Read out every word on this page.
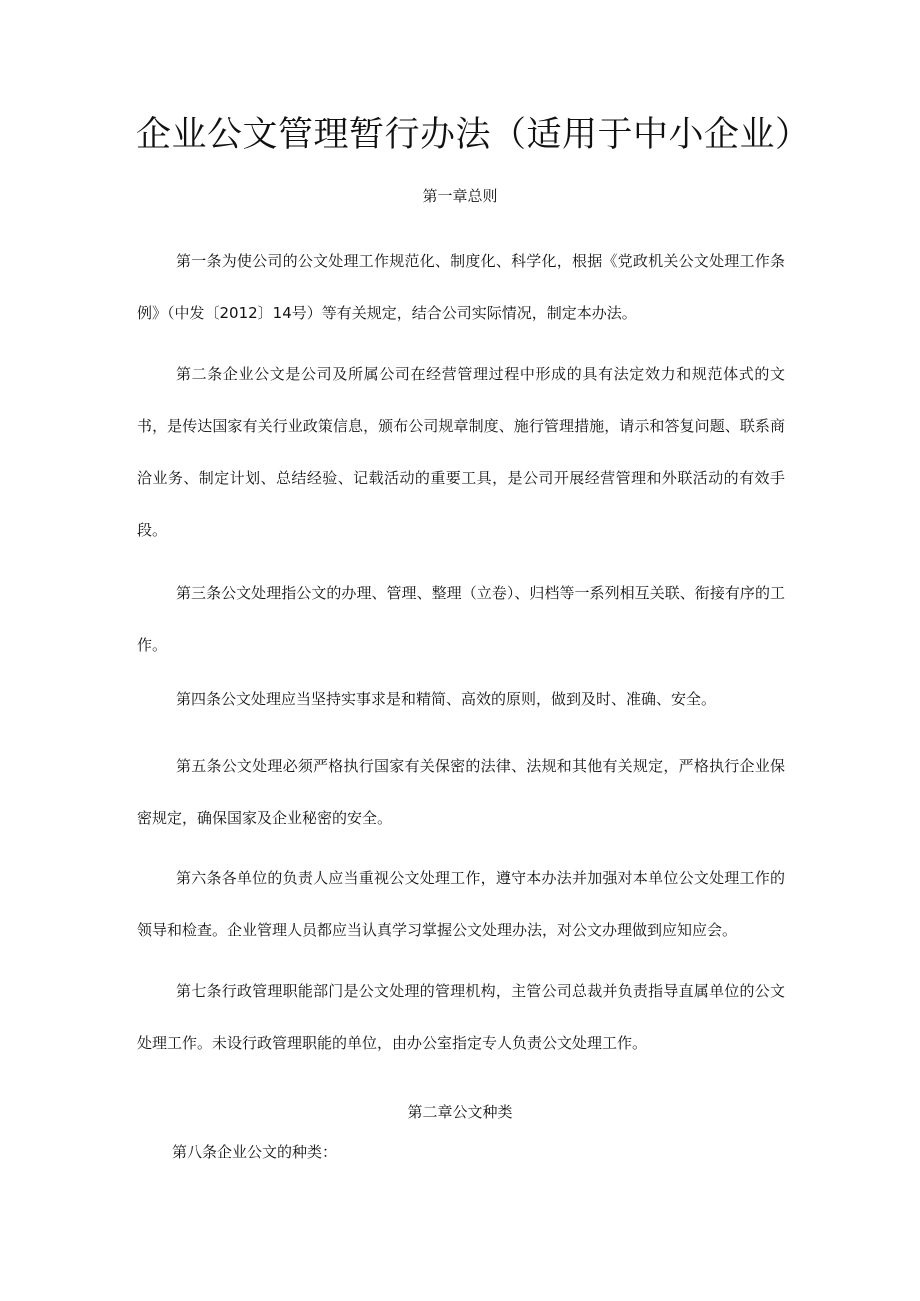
企业公文管理暂行办法（适用于中小企业）

第一章总则

第一条为使公司的公文处理工作规范化、制度化、科学化，根据《党政机关公文处理工作条例》（中发〔2012〕14号）等有关规定，结合公司实际情况，制定本办法。

第二条企业公文是公司及所属公司在经营管理过程中形成的具有法定效力和规范体式的文书，是传达国家有关行业政策信息，颁布公司规章制度、施行管理措施，请示和答复问题、联系商洽业务、制定计划、总结经验、记载活动的重要工具，是公司开展经营管理和外联活动的有效手段。

第三条公文处理指公文的办理、管理、整理（立卷）、归档等一系列相互关联、衔接有序的工作。

第四条公文处理应当坚持实事求是和精简、高效的原则，做到及时、准确、安全。

第五条公文处理必须严格执行国家有关保密的法律、法规和其他有关规定，严格执行企业保密规定，确保国家及企业秘密的安全。

第六条各单位的负责人应当重视公文处理工作，遵守本办法并加强对本单位公文处理工作的领导和检查。企业管理人员都应当认真学习掌握公文处理办法，对公文办理做到应知应会。

第七条行政管理职能部门是公文处理的管理机构，主管公司总裁并负责指导直属单位的公文处理工作。未设行政管理职能的单位，由办公室指定专人负责公文处理工作。

第二章公文种类

第八条企业公文的种类：
